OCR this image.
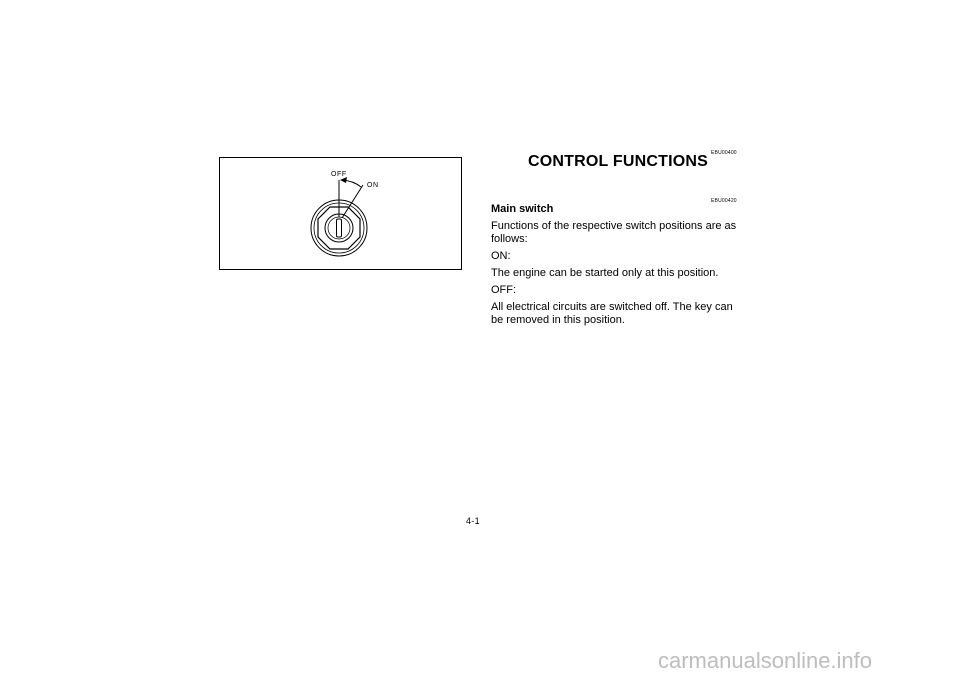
OFF
ON
EBU00400
CONTROL FUNCTIONS
EBU00420
Main switch

Functions of the respective switch positions are as follows:

ON:

The engine can be started only at this position.

OFF:

All electrical circuits are switched off. The key can be removed in this position.

4-1
carmanualsonline.info
